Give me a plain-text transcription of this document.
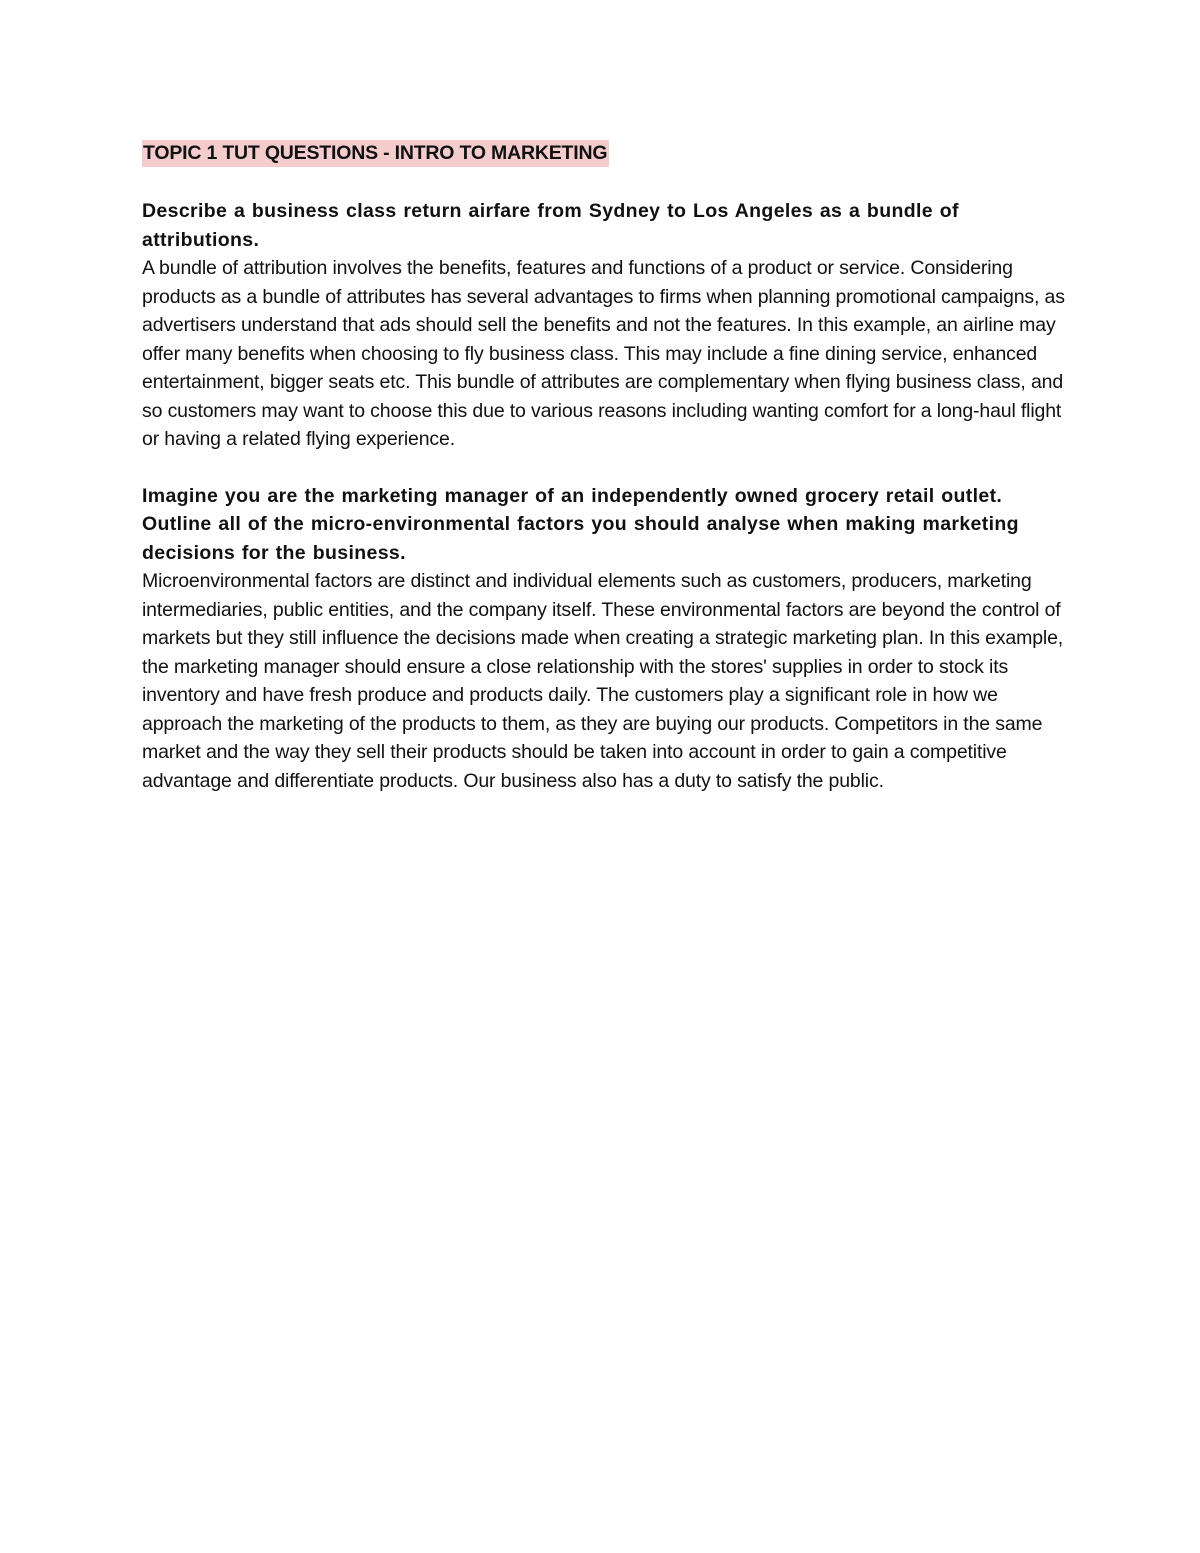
TOPIC 1 TUT QUESTIONS - INTRO TO MARKETING

Describe a business class return airfare from Sydney to Los Angeles as a bundle of attributions.

A bundle of attribution involves the benefits, features and functions of a product or service. Considering products as a bundle of attributes has several advantages to firms when planning promotional campaigns, as advertisers understand that ads should sell the benefits and not the features. In this example, an airline may offer many benefits when choosing to fly business class. This may include a fine dining service, enhanced entertainment, bigger seats etc. This bundle of attributes are complementary when flying business class, and so customers may want to choose this due to various reasons including wanting comfort for a long-haul flight or having a related flying experience.

Imagine you are the marketing manager of an independently owned grocery retail outlet. Outline all of the micro-environmental factors you should analyse when making marketing decisions for the business.

Microenvironmental factors are distinct and individual elements such as customers, producers, marketing intermediaries, public entities, and the company itself. These environmental factors are beyond the control of markets but they still influence the decisions made when creating a strategic marketing plan. In this example, the marketing manager should ensure a close relationship with the stores' supplies in order to stock its inventory and have fresh produce and products daily. The customers play a significant role in how we approach the marketing of the products to them, as they are buying our products. Competitors in the same market and the way they sell their products should be taken into account in order to gain a competitive advantage and differentiate products. Our business also has a duty to satisfy the public.
